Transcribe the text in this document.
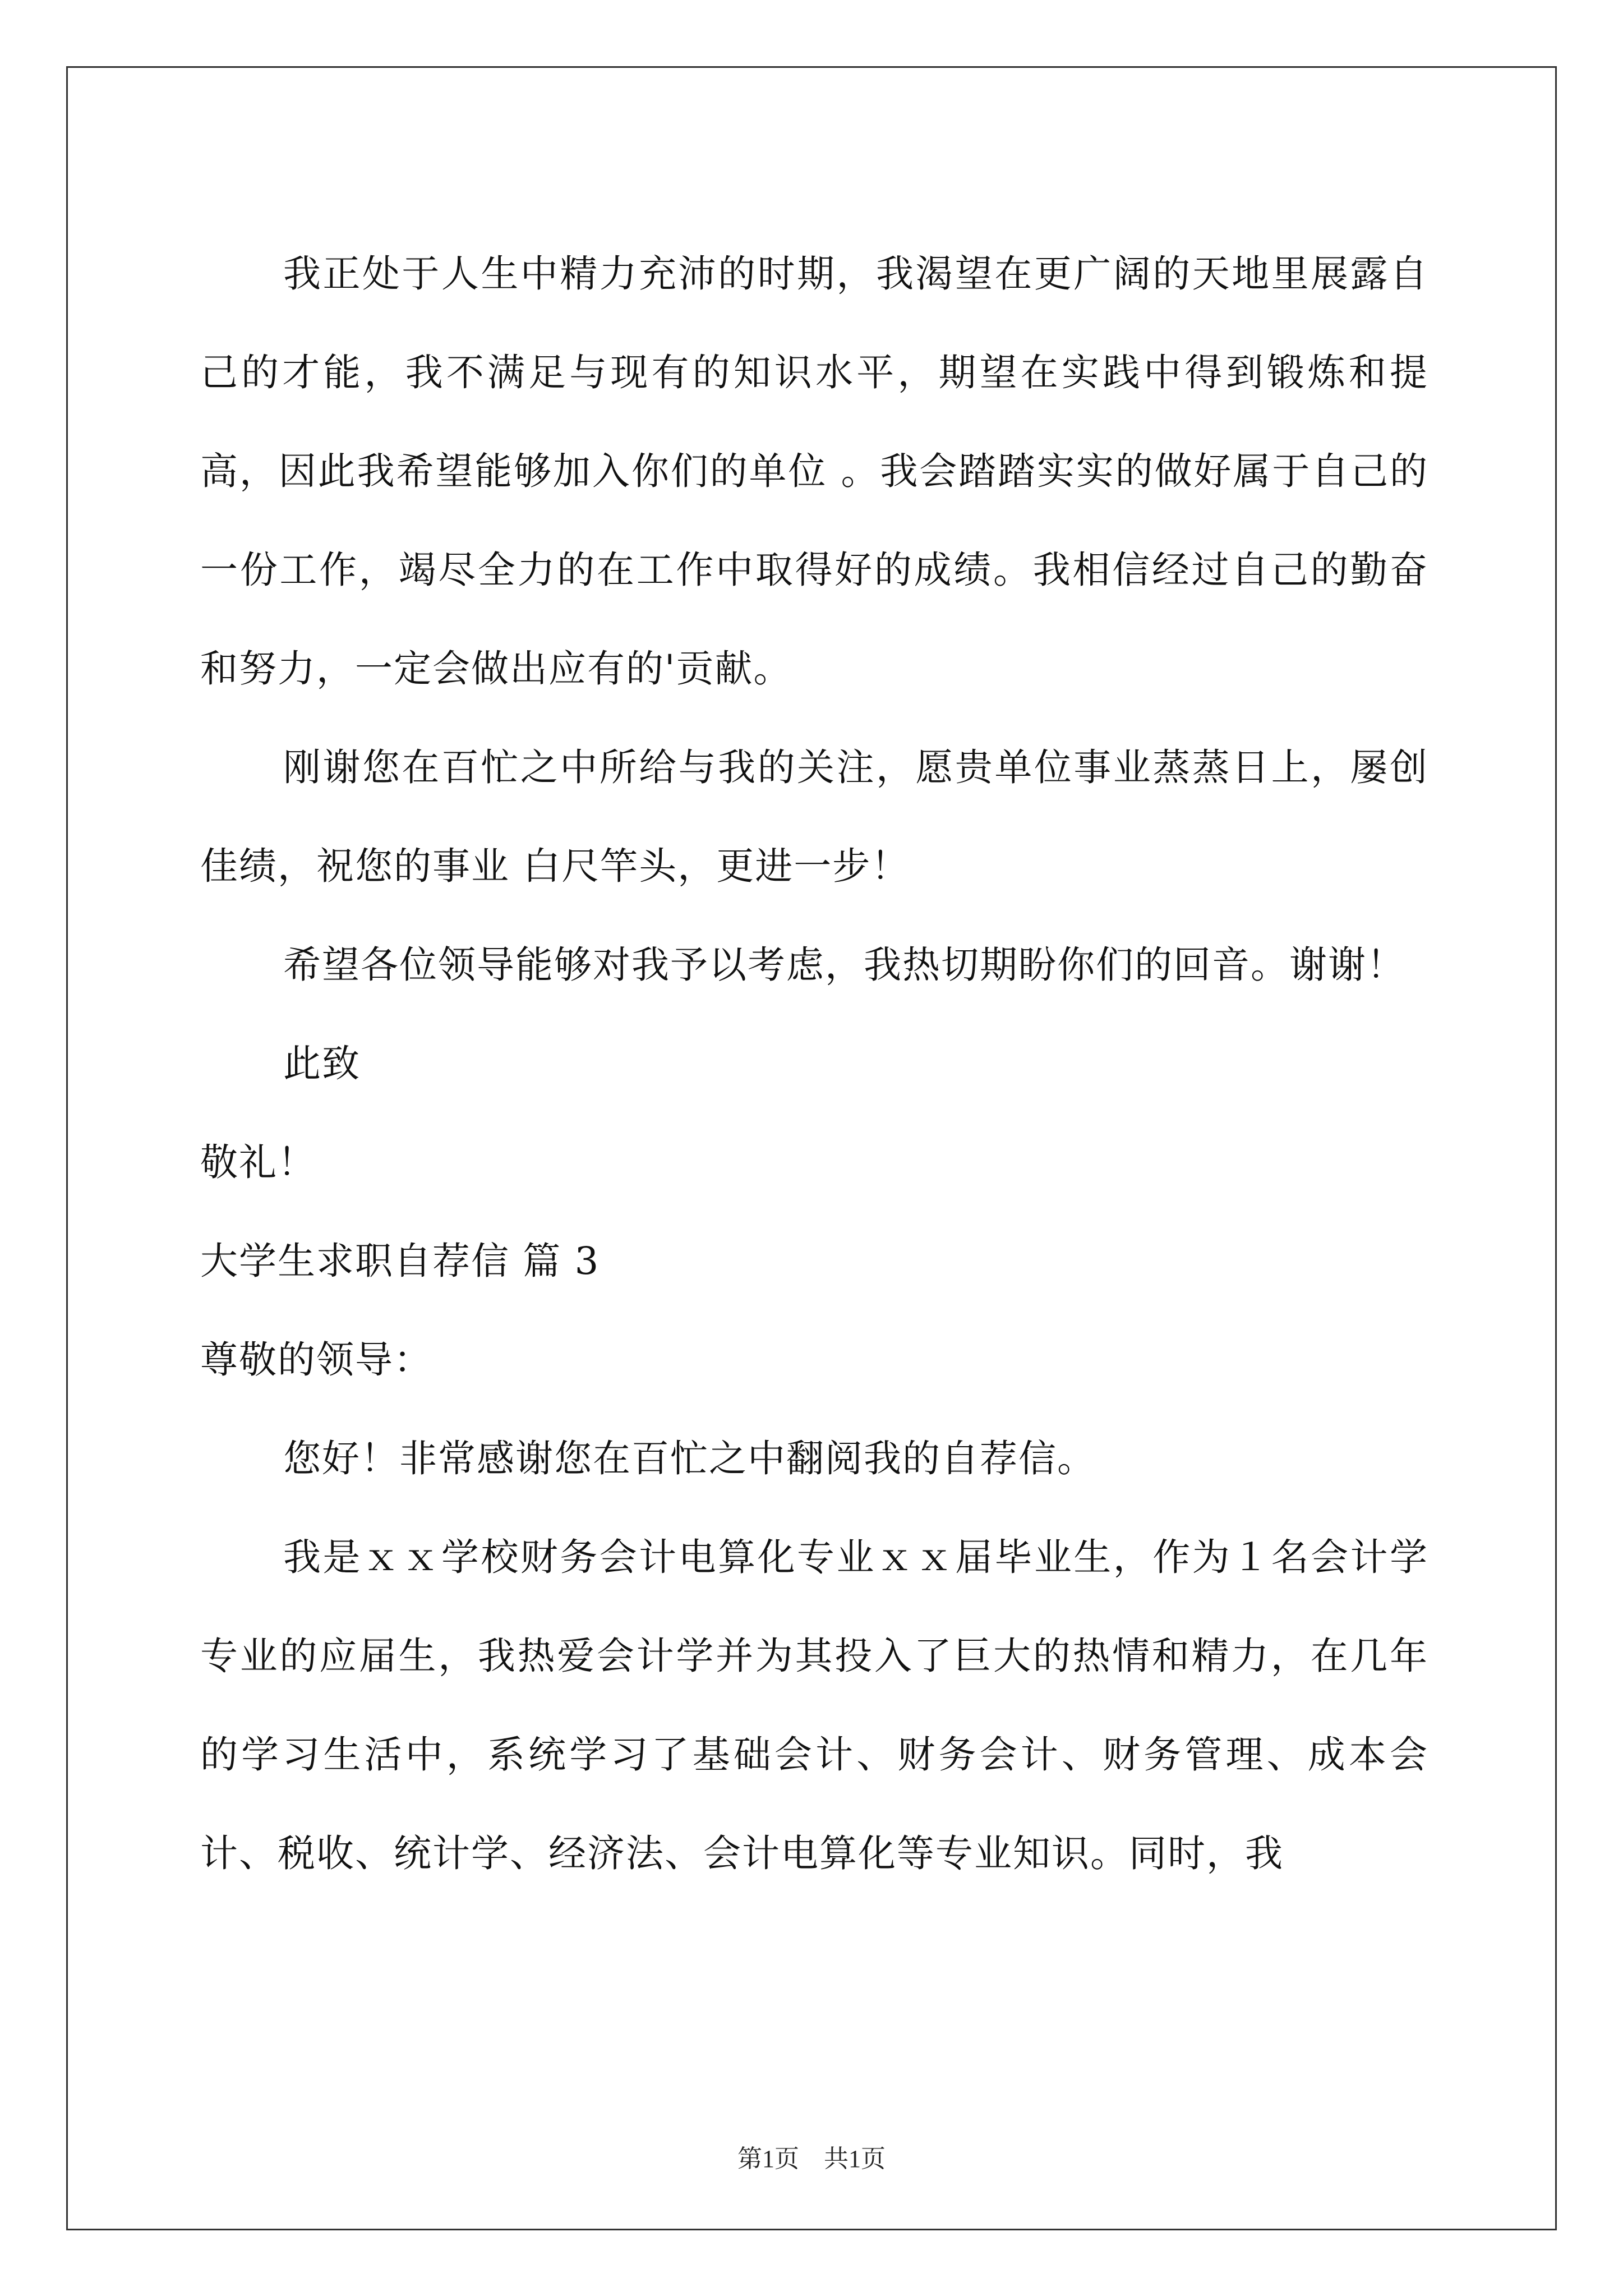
我正处于人生中精力充沛的时期，我渴望在更广阔的天地里展露自己的才能，我不满足与现有的知识水平，期望在实践中得到锻炼和提高，因此我希望能够加入你们的单位 。我会踏踏实实的做好属于自己的一份工作，竭尽全力的在工作中取得好的成绩。我相信经过自己的勤奋和努力，一定会做出应有的'贡献。

刚谢您在百忙之中所给与我的关注，愿贵单位事业蒸蒸日上，屡创佳绩，祝您的事业 白尺竿头，更进一步！

希望各位领导能够对我予以考虑，我热切期盼你们的回音。谢谢！

此致

敬礼！

大学生求职自荐信 篇 3

尊敬的领导：

您好！非常感谢您在百忙之中翻阅我的自荐信。

我是ｘｘ学校财务会计电算化专业ｘｘ届毕业生，作为１名会计学专业的应届生，我热爱会计学并为其投入了巨大的热情和精力，在几年的学习生活中，系统学习了基础会计、财务会计、财务管理、成本会计、税收、统计学、经济法、会计电算化等专业知识。同时，我

第1页　共1页
